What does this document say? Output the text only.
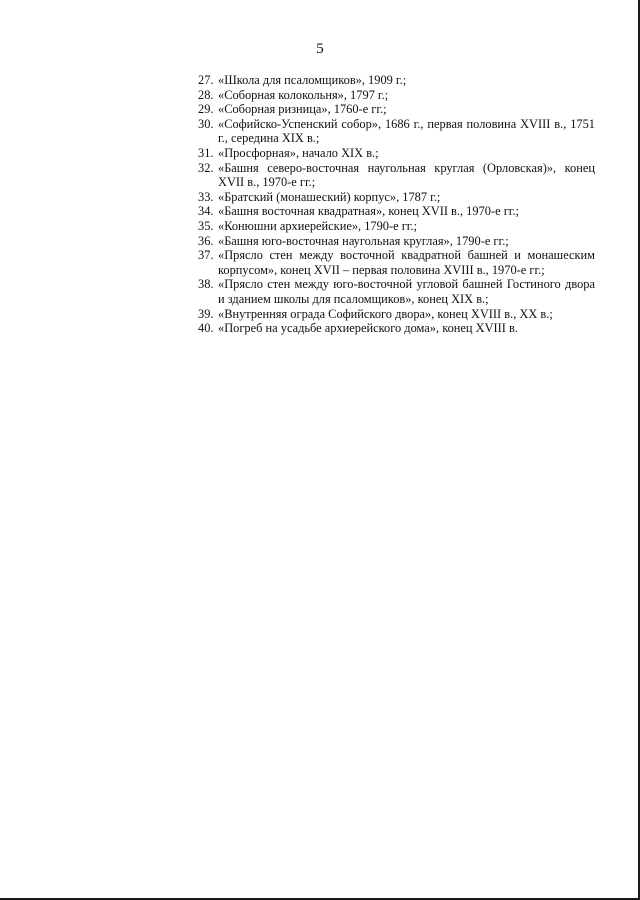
5
27. «Школа для псаломщиков», 1909 г.;
28. «Соборная колокольня», 1797 г.;
29. «Соборная ризница», 1760-е гг.;
30. «Софийско-Успенский собор», 1686 г., первая половина XVIII в., 1751 г., середина XIX в.;
31. «Просфорная», начало XIX в.;
32. «Башня северо-восточная наугольная круглая (Орловская)», конец XVII в., 1970-е гг.;
33. «Братский (монашеский) корпус», 1787 г.;
34. «Башня восточная квадратная», конец XVII в., 1970-е гг.;
35. «Конюшни архиерейские», 1790-е гг.;
36. «Башня юго-восточная наугольная круглая», 1790-е гг.;
37. «Прясло стен между восточной квадратной башней и монашеским корпусом», конец XVII – первая половина XVIII в., 1970-е гг.;
38. «Прясло стен между юго-восточной угловой башней Гостиного двора и зданием школы для псаломщиков», конец XIX в.;
39. «Внутренняя ограда Софийского двора», конец XVIII в., XX в.;
40. «Погреб на усадьбе архиерейского дома», конец XVIII в.
